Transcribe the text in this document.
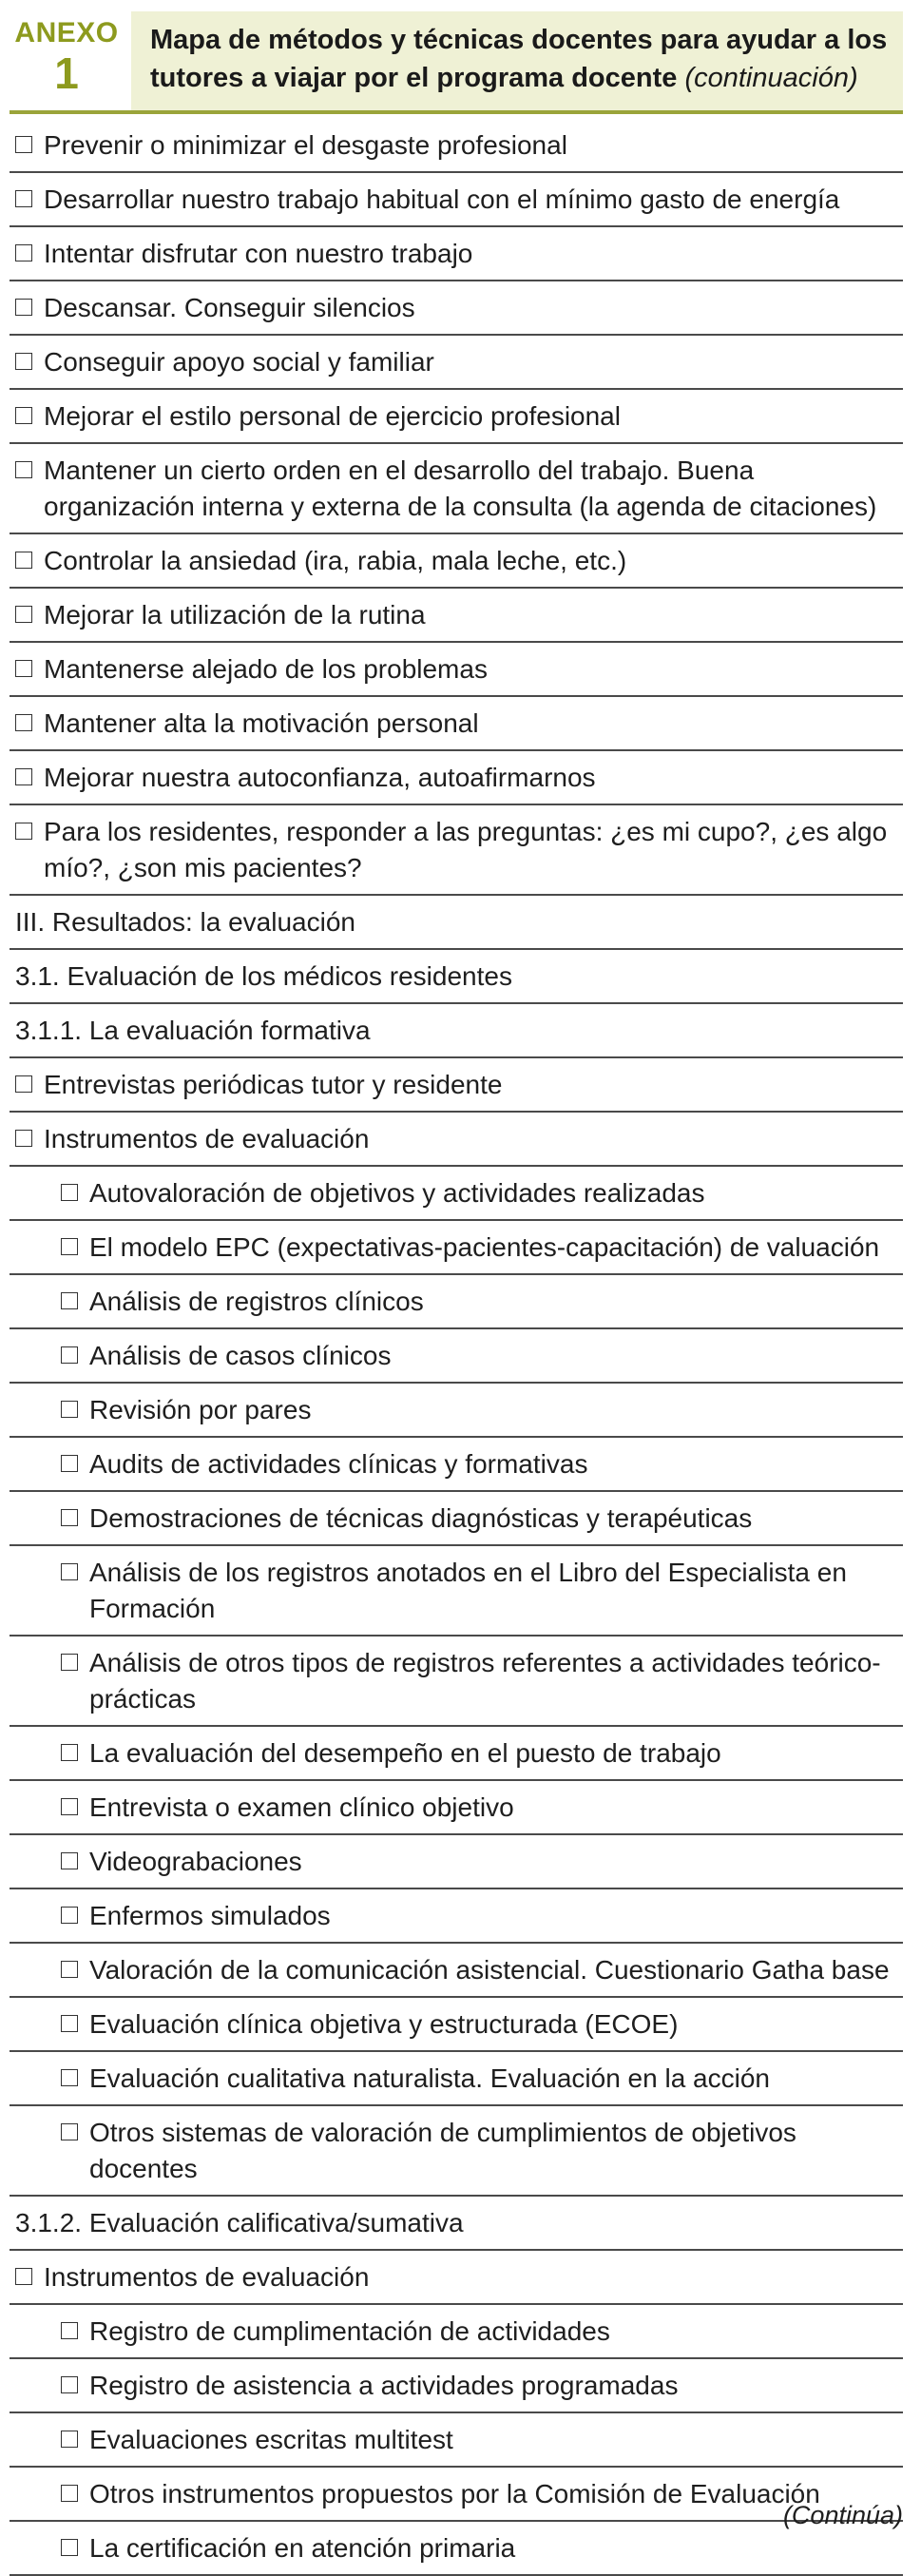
ANEXO
1
Mapa de métodos y técnicas docentes para ayudar a los tutores a viajar por el programa docente (continuación)
Prevenir o minimizar el desgaste profesional
Desarrollar nuestro trabajo habitual con el mínimo gasto de energía
Intentar disfrutar con nuestro trabajo
Descansar. Conseguir silencios
Conseguir apoyo social y familiar
Mejorar el estilo personal de ejercicio profesional
Mantener un cierto orden en el desarrollo del trabajo. Buena organización interna y externa de la consulta (la agenda de citaciones)
Controlar la ansiedad (ira, rabia, mala leche, etc.)
Mejorar la utilización de la rutina
Mantenerse alejado de los problemas
Mantener alta la motivación personal
Mejorar nuestra autoconfianza, autoafirmarnos
Para los residentes, responder a las preguntas: ¿es mi cupo?, ¿es algo mío?, ¿son mis pacientes?
III. Resultados: la evaluación
3.1. Evaluación de los médicos residentes
3.1.1. La evaluación formativa
Entrevistas periódicas tutor y residente
Instrumentos de evaluación
Autovaloración de objetivos y actividades realizadas
El modelo EPC (expectativas-pacientes-capacitación) de valuación
Análisis de registros clínicos
Análisis de casos clínicos
Revisión por pares
Audits de actividades clínicas y formativas
Demostraciones de técnicas diagnósticas y terapéuticas
Análisis de los registros anotados en el Libro del Especialista en Formación
Análisis de otros tipos de registros referentes a actividades teórico-prácticas
La evaluación del desempeño en el puesto de trabajo
Entrevista o examen clínico objetivo
Videograbaciones
Enfermos simulados
Valoración de la comunicación asistencial. Cuestionario Gatha base
Evaluación clínica objetiva y estructurada (ECOE)
Evaluación cualitativa naturalista. Evaluación en la acción
Otros sistemas de valoración de cumplimientos de objetivos docentes
3.1.2. Evaluación calificativa/sumativa
Instrumentos de evaluación
Registro de cumplimentación de actividades
Registro de asistencia a actividades programadas
Evaluaciones escritas multitest
Otros instrumentos propuestos por la Comisión de Evaluación
La certificación en atención primaria
(Continúa)
